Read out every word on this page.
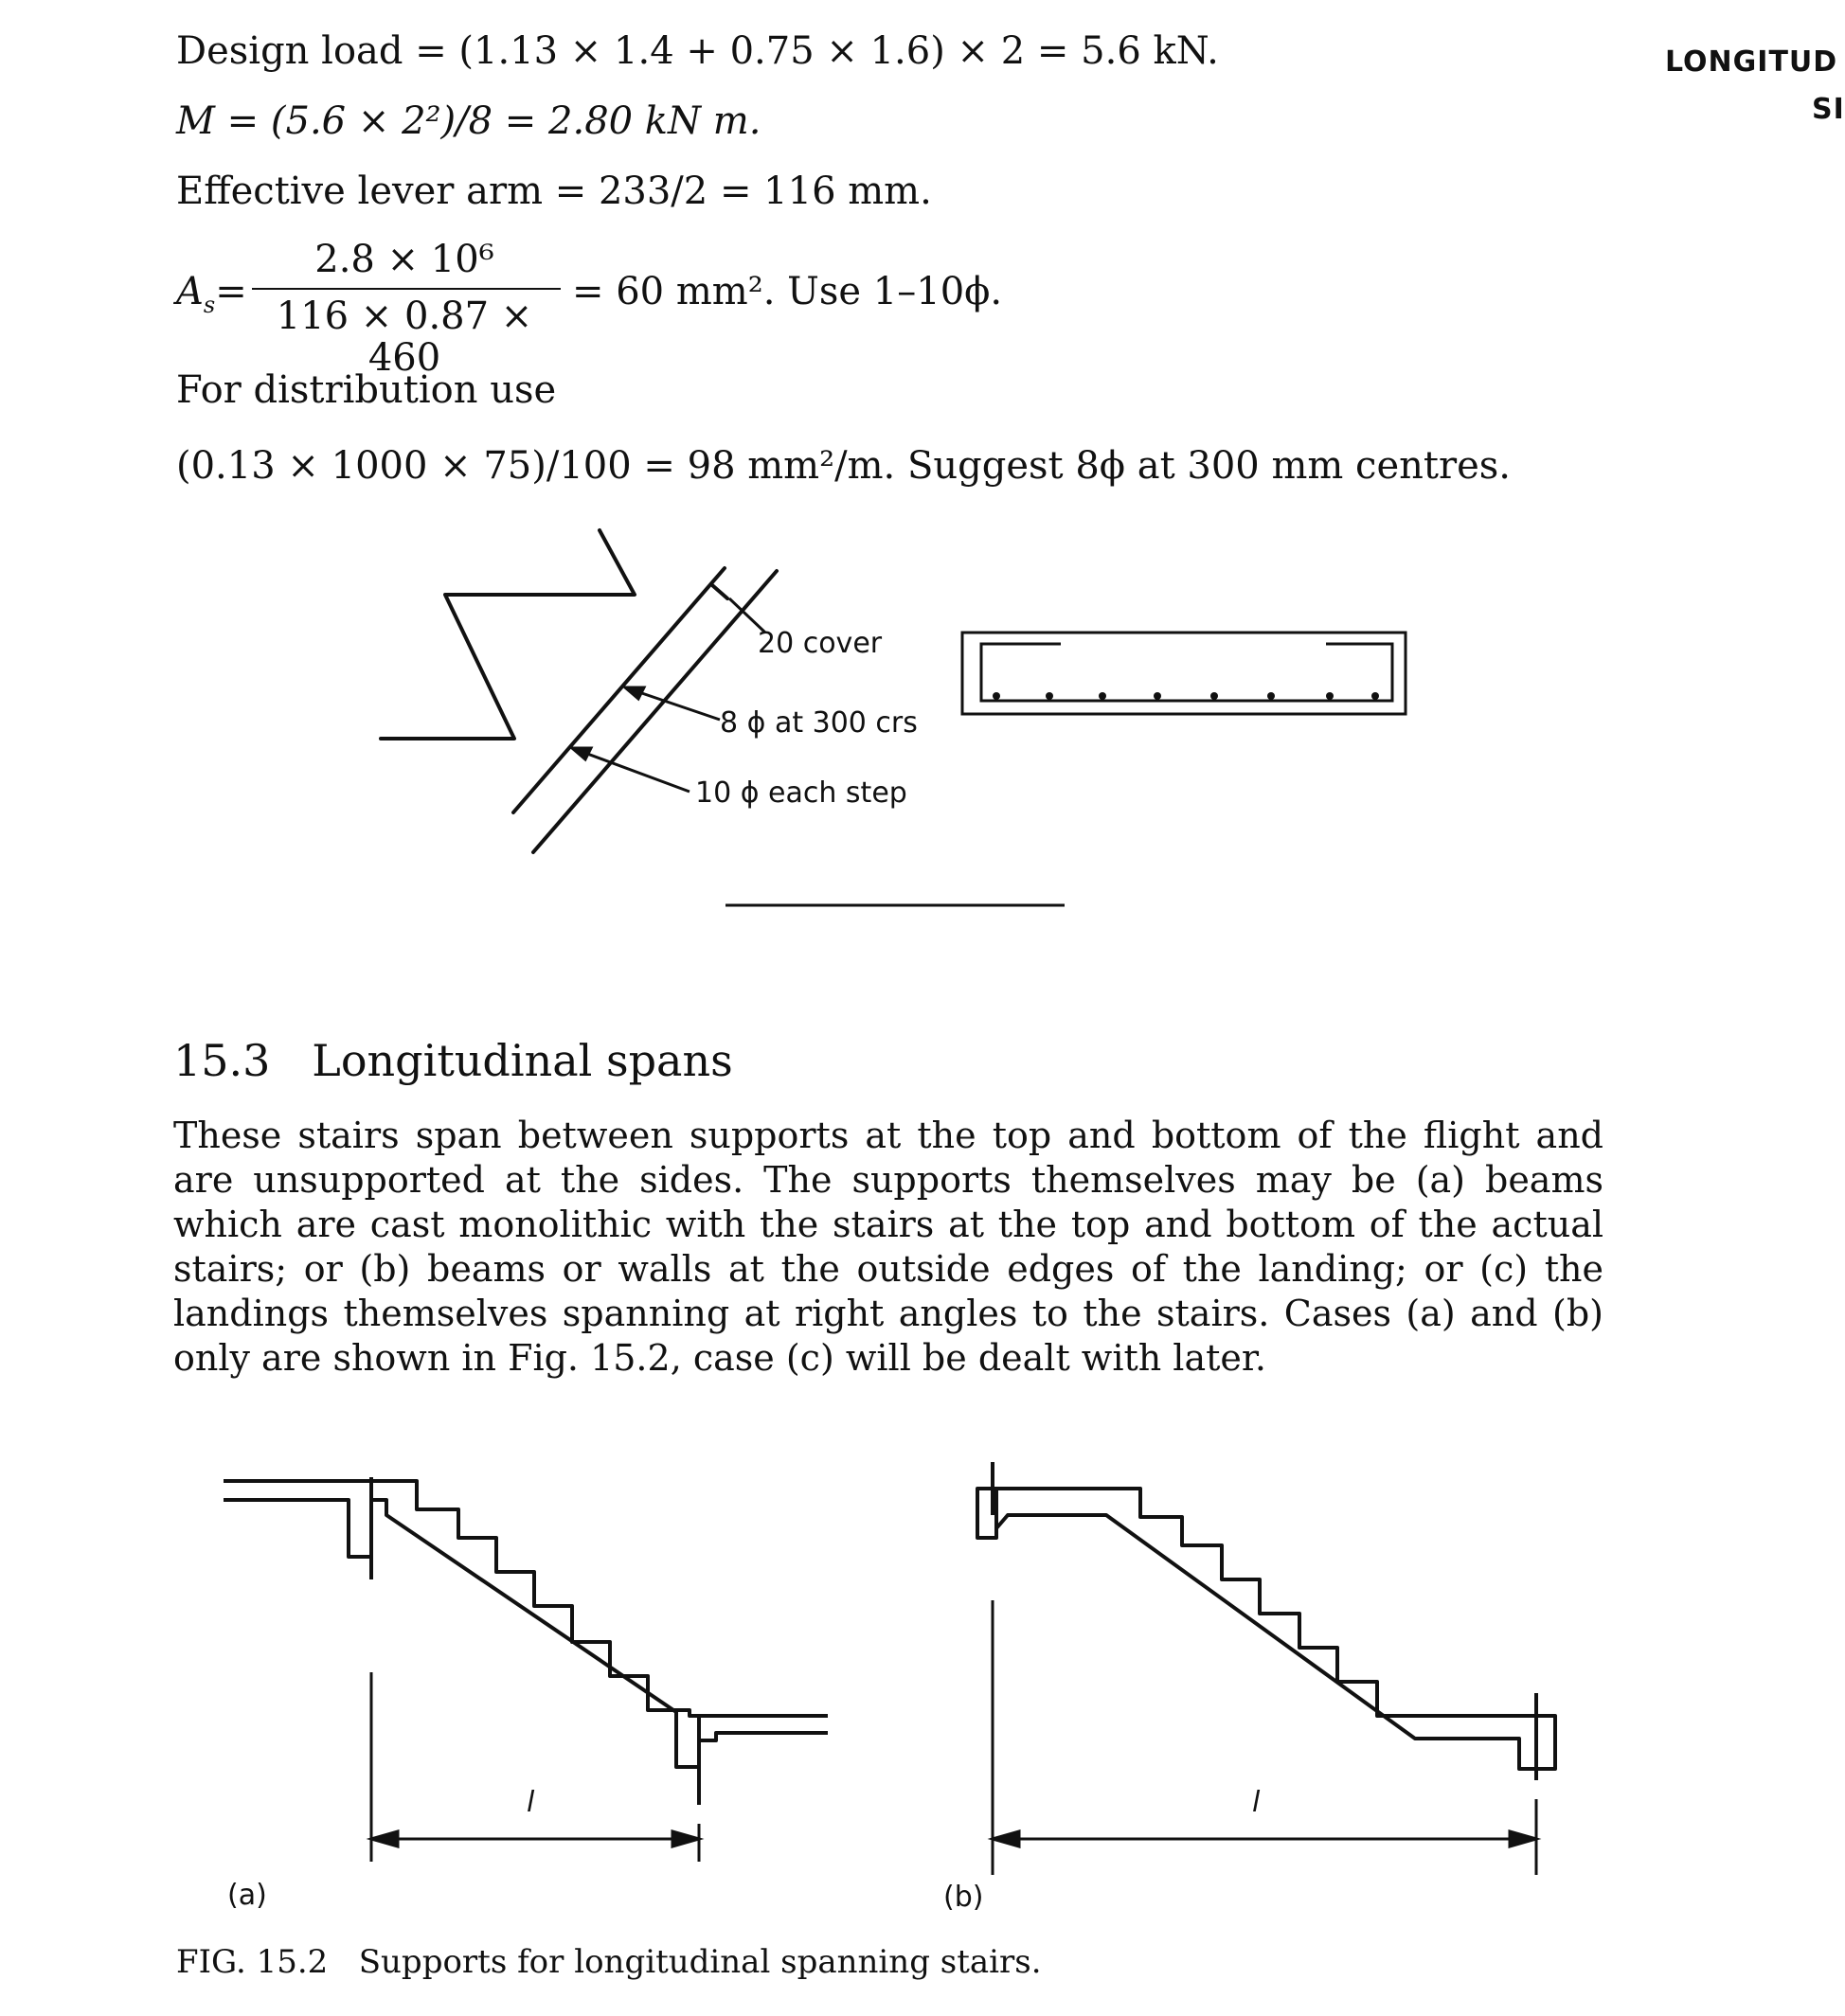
LONGITUD
SI
Design load = (1.13 × 1.4 + 0.75 × 1.6) × 2 = 5.6 kN.
M = (5.6 × 2²)/8 = 2.80 kN m.
Effective lever arm = 233/2 = 116 mm.
$A_s=$
2.8 × 10⁶
116 × 0.87 × 460
= 60 mm². Use 1–10ϕ.
For distribution use
(0.13 × 1000 × 75)/100 = 98 mm²/m. Suggest 8ϕ at 300 mm centres.
20 cover
8 ϕ at 300 crs
10 ϕ each step
15.3 Longitudinal spans
These stairs span between supports at the top and bottom of the flight and are unsupported at the sides. The supports themselves may be (a) beams which are cast monolithic with the stairs at the top and bottom of the actual stairs; or (b) beams or walls at the outside edges of the landing; or (c) the landings themselves spanning at right angles to the stairs. Cases (a) and (b) only are shown in Fig. 15.2, case (c) will be dealt with later.
l	l
(a)	(b)
FIG. 15.2 Supports for longitudinal spanning stairs.
